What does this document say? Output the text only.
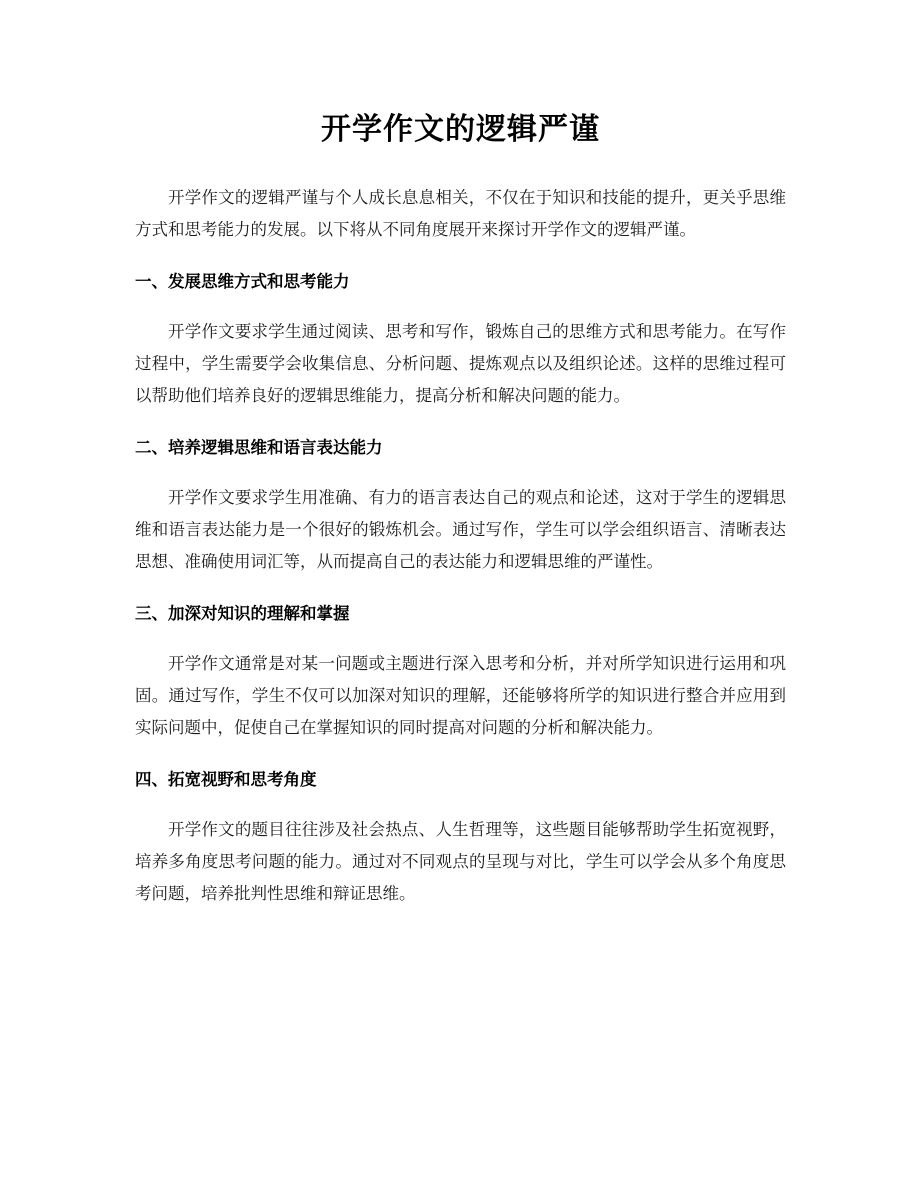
开学作文的逻辑严谨

开学作文的逻辑严谨与个人成长息息相关，不仅在于知识和技能的提升，更关乎思维方式和思考能力的发展。以下将从不同角度展开来探讨开学作文的逻辑严谨。

一、发展思维方式和思考能力

开学作文要求学生通过阅读、思考和写作，锻炼自己的思维方式和思考能力。在写作过程中，学生需要学会收集信息、分析问题、提炼观点以及组织论述。这样的思维过程可以帮助他们培养良好的逻辑思维能力，提高分析和解决问题的能力。

二、培养逻辑思维和语言表达能力

开学作文要求学生用准确、有力的语言表达自己的观点和论述，这对于学生的逻辑思维和语言表达能力是一个很好的锻炼机会。通过写作，学生可以学会组织语言、清晰表达思想、准确使用词汇等，从而提高自己的表达能力和逻辑思维的严谨性。

三、加深对知识的理解和掌握

开学作文通常是对某一问题或主题进行深入思考和分析，并对所学知识进行运用和巩固。通过写作，学生不仅可以加深对知识的理解，还能够将所学的知识进行整合并应用到实际问题中，促使自己在掌握知识的同时提高对问题的分析和解决能力。

四、拓宽视野和思考角度

开学作文的题目往往涉及社会热点、人生哲理等，这些题目能够帮助学生拓宽视野，培养多角度思考问题的能力。通过对不同观点的呈现与对比，学生可以学会从多个角度思考问题，培养批判性思维和辩证思维。
